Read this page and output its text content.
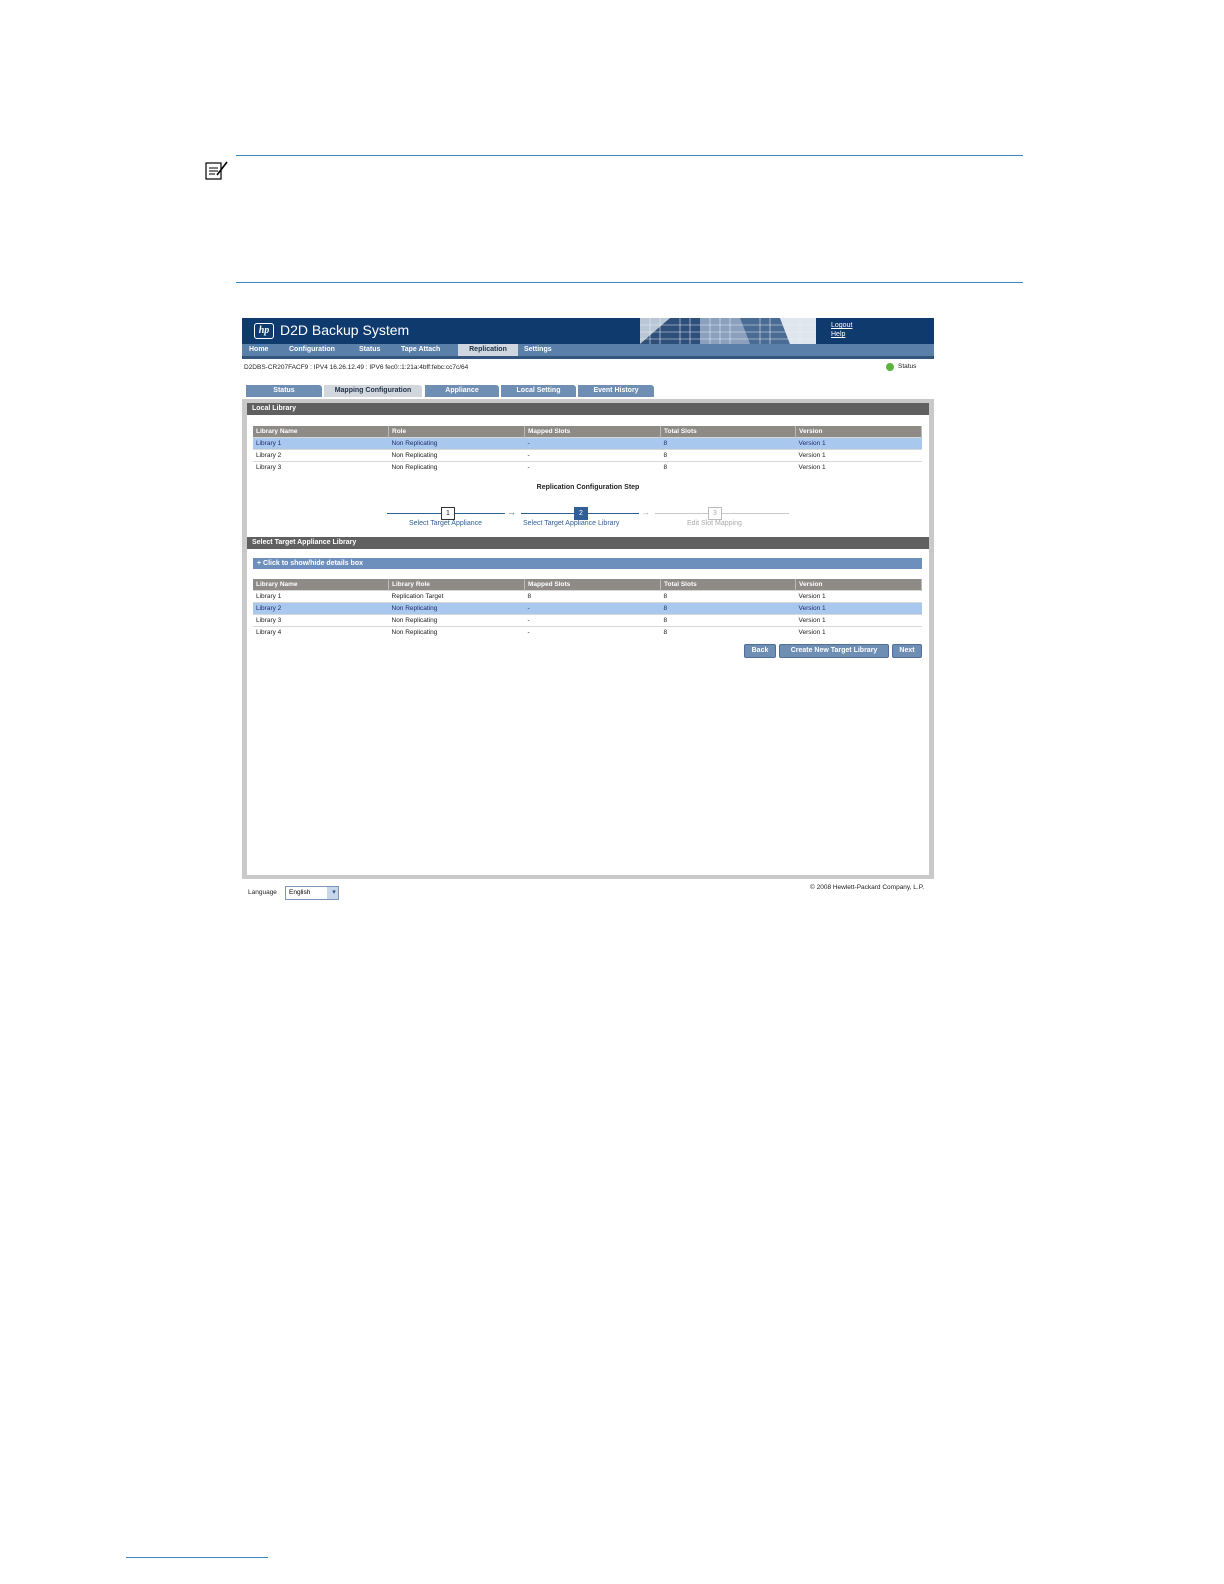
hp D2D Backup System	Logout
Help
Home	Configuration	Status	Tape Attach	Replication	Settings
D2DBS-CR207FACF9 : IPV4 16.26.12.49 : IPV6 fec0::1:21a:4bff:febc:cc7c/64	Status
Status	Mapping Configuration	Appliance	Local Setting	Event History
Local Library
Library Name	Role	Mapped Slots	Total Slots	Version
Library 1	Non Replicating	-	8	Version 1
Library 2	Non Replicating	-	8	Version 1
Library 3	Non Replicating	-	8	Version 1
Replication Configuration Step
1
Select Target Appliance
→	2
Select Target Appliance Library
→	3
Edit Slot Mapping
Select Target Appliance Library
+ Click to show/hide details box
Library Name	Library Role	Mapped Slots	Total Slots	Version
Library 1	Replication Target	8	8	Version 1
Library 2	Non Replicating	-	8	Version 1
Library 3	Non Replicating	-	8	Version 1
Library 4	Non Replicating	-	8	Version 1
Back	Create New Target Library	Next
Language	English	▾
© 2008 Hewlett-Packard Company, L.P.
